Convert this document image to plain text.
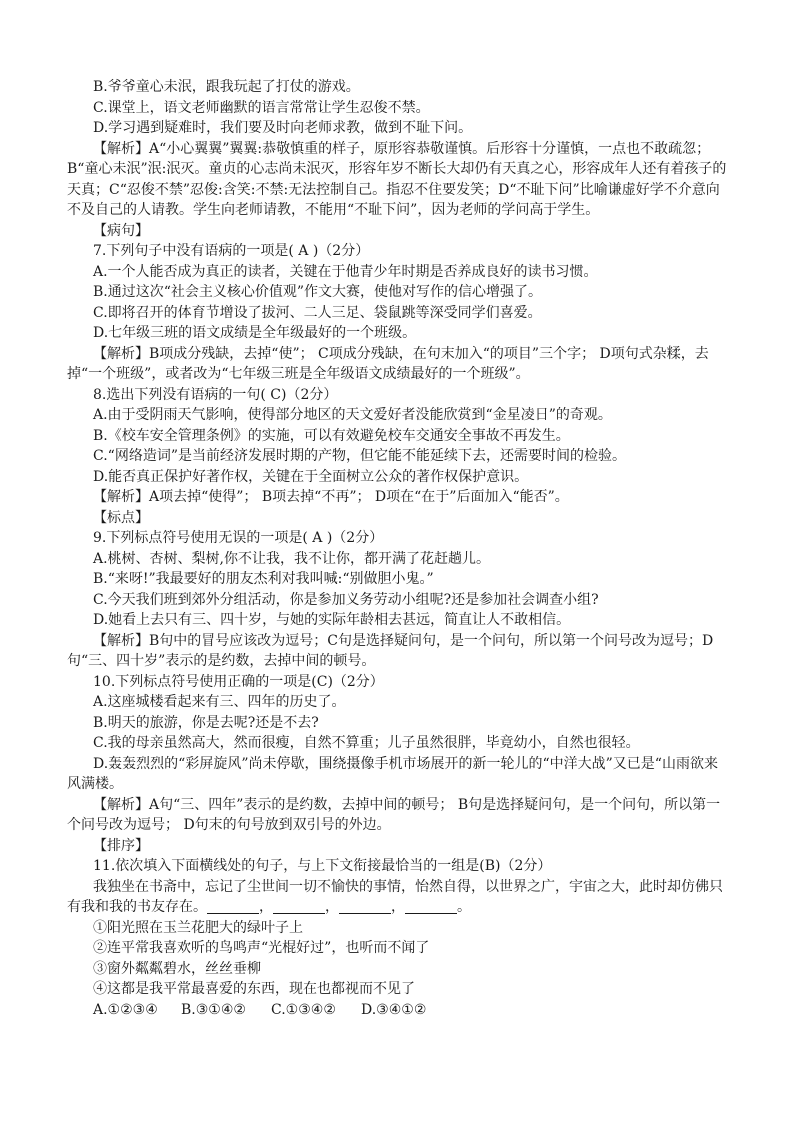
B.爷爷童心未泯，跟我玩起了打仗的游戏。

C.课堂上，语文老师幽默的语言常常让学生忍俊不禁。

D.学习遇到疑难时，我们要及时向老师求教，做到不耻下问。

【解析】A“小心翼翼”翼翼:恭敬慎重的样子，原形容恭敬谨慎。后形容十分谨慎，一点也不敢疏忽；B“童心未泯”泯:泯灭。童贞的心志尚未泯灭，形容年岁不断长大却仍有天真之心，形容成年人还有着孩子的天真；C“忍俊不禁”忍俊:含笑:不禁:无法控制自己。指忍不住要发笑；D“不耻下问”比喻谦虚好学不介意向不及自己的人请教。学生向老师请教，不能用“不耻下问”，因为老师的学问高于学生。

【病句】

7.下列句子中没有语病的一项是( A )（2分）

A.一个人能否成为真正的读者，关键在于他青少年时期是否养成良好的读书习惯。

B.通过这次“社会主义核心价值观”作文大赛，使他对写作的信心增强了。

C.即将召开的体育节增设了拔河、二人三足、袋鼠跳等深受同学们喜爱。

D.七年级三班的语文成绩是全年级最好的一个班级。

【解析】B项成分残缺，去掉“使”； C项成分残缺，在句末加入“的项目”三个字； D项句式杂糅，去掉“一个班级”，或者改为“七年级三班是全年级语文成绩最好的一个班级”。

8.选出下列没有语病的一句( C)（2分）

A.由于受阴雨天气影响，使得部分地区的天文爱好者没能欣赏到“金星凌日”的奇观。

B.《校车安全管理条例》的实施，可以有效避免校车交通安全事故不再发生。

C.“网络造词”是当前经济发展时期的产物，但它能不能延续下去，还需要时间的检验。

D.能否真正保护好著作权，关键在于全面树立公众的著作权保护意识。

【解析】A项去掉“使得”； B项去掉“不再”； D项在“在于”后面加入“能否”。

【标点】

9.下列标点符号使用无误的一项是( A )（2分）

A.桃树、杏树、梨树,你不让我，我不让你，都开满了花赶趟儿。

B.“来呀!”我最要好的朋友杰利对我叫喊:“别做胆小鬼。”

C.今天我们班到郊外分组活动，你是参加义务劳动小组呢?还是参加社会调查小组?

D.她看上去只有三、四十岁，与她的实际年龄相去甚远，简直让人不敢相信。

【解析】B句中的冒号应该改为逗号；C句是选择疑问句，是一个问句，所以第一个问号改为逗号；D句“三、四十岁”表示的是约数，去掉中间的顿号。

10.下列标点符号使用正确的一项是(C)（2分）

A.这座城楼看起来有三、四年的历史了。

B.明天的旅游，你是去呢?还是不去?

C.我的母亲虽然高大，然而很瘦，自然不算重；儿子虽然很胖，毕竟幼小，自然也很轻。

D.轰轰烈烈的“彩屏旋风”尚未停歇，围绕摄像手机市场展开的新一轮儿的“中洋大战”又已是“山雨欲来风满楼。

【解析】A句“三、四年”表示的是约数，去掉中间的顿号； B句是选择疑问句，是一个问句，所以第一个问号改为逗号； D句末的句号放到双引号的外边。

【排序】

11.依次填入下面横线处的句子，与上下文衔接最恰当的一组是(B)（2分）

我独坐在书斋中，忘记了尘世间一切不愉快的事情，怡然自得，以世界之广，宇宙之大，此时却仿佛只有我和我的书友存在。	，	，	，	。

①阳光照在玉兰花肥大的绿叶子上

②连平常我喜欢听的鸟鸣声“光棍好过”，也听而不闻了

③窗外粼粼碧水，丝丝垂柳

④这都是我平常最喜爱的东西，现在也都视而不见了

A.①②③④ B.③①④② C.①③④② D.③④①②
